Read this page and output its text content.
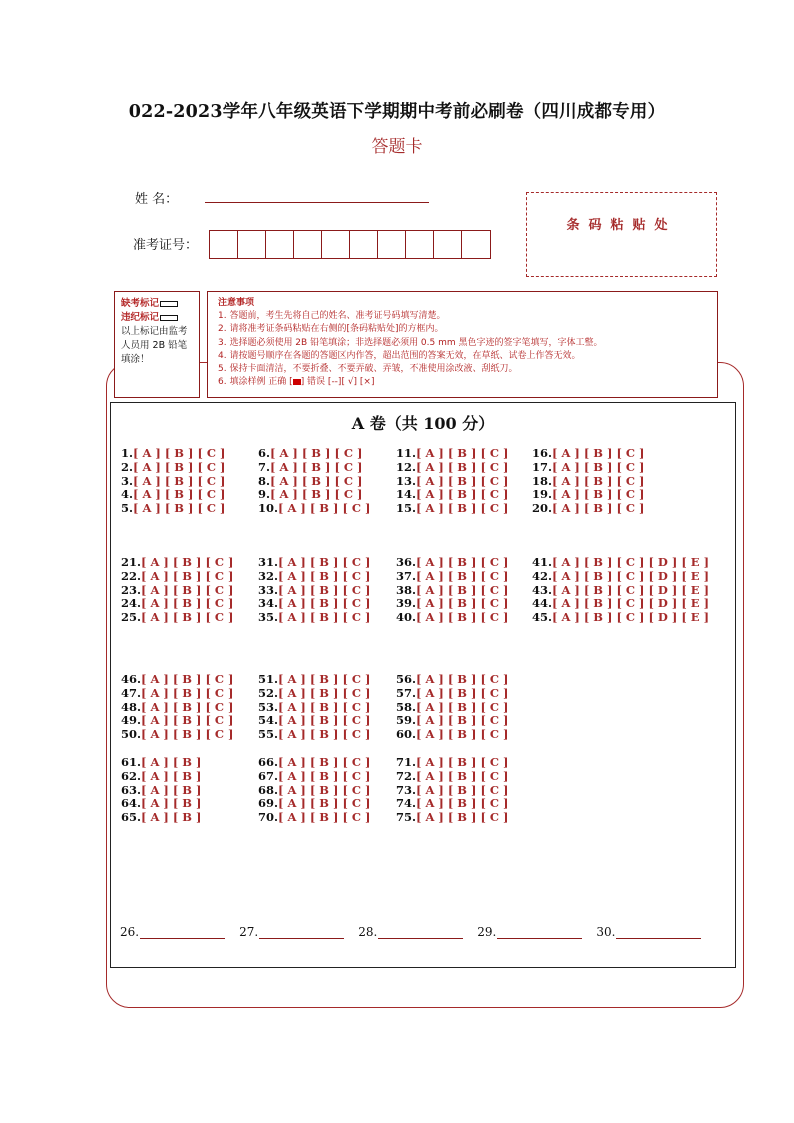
022-2023学年八年级英语下学期期中考前必刷卷（四川成都专用）
答题卡
姓 名：
准考证号：
条码粘贴处
缺考标记
违纪标记
以上标记由监考人员用 2B 铅笔填涂！
注意事项
1. 答题前，考生先将自己的姓名、准考证号码填写清楚。
2. 请将准考证条码粘贴在右侧的[条码粘贴处]的方框内。
3. 选择题必须使用 2B 铅笔填涂；非选择题必须用 0.5 mm 黑色字迹的签字笔填写，字体工整。
4. 请按题号顺序在各题的答题区内作答，超出范围的答案无效，在草纸、试卷上作答无效。
5. 保持卡面清洁，不要折叠、不要弄破、弄皱，不准使用涂改液、刮纸刀。
6. 填涂样例 正确 [ ] 错误 [--][ √] [×]
A 卷（共 100 分）
1.[ A ] [ B ] [ C ]
2.[ A ] [ B ] [ C ]
3.[ A ] [ B ] [ C ]
4.[ A ] [ B ] [ C ]
5.[ A ] [ B ] [ C ]
6.[ A ] [ B ] [ C ]
7.[ A ] [ B ] [ C ]
8.[ A ] [ B ] [ C ]
9.[ A ] [ B ] [ C ]
10.[ A ] [ B ] [ C ]
11.[ A ] [ B ] [ C ]
12.[ A ] [ B ] [ C ]
13.[ A ] [ B ] [ C ]
14.[ A ] [ B ] [ C ]
15.[ A ] [ B ] [ C ]
16.[ A ] [ B ] [ C ]
17.[ A ] [ B ] [ C ]
18.[ A ] [ B ] [ C ]
19.[ A ] [ B ] [ C ]
20.[ A ] [ B ] [ C ]
21.[ A ] [ B ] [ C ]
22.[ A ] [ B ] [ C ]
23.[ A ] [ B ] [ C ]
24.[ A ] [ B ] [ C ]
25.[ A ] [ B ] [ C ]
31.[ A ] [ B ] [ C ]
32.[ A ] [ B ] [ C ]
33.[ A ] [ B ] [ C ]
34.[ A ] [ B ] [ C ]
35.[ A ] [ B ] [ C ]
36.[ A ] [ B ] [ C ]
37.[ A ] [ B ] [ C ]
38.[ A ] [ B ] [ C ]
39.[ A ] [ B ] [ C ]
40.[ A ] [ B ] [ C ]
41.[ A ] [ B ] [ C ] [ D ] [ E ]
42.[ A ] [ B ] [ C ] [ D ] [ E ]
43.[ A ] [ B ] [ C ] [ D ] [ E ]
44.[ A ] [ B ] [ C ] [ D ] [ E ]
45.[ A ] [ B ] [ C ] [ D ] [ E ]
46.[ A ] [ B ] [ C ]
47.[ A ] [ B ] [ C ]
48.[ A ] [ B ] [ C ]
49.[ A ] [ B ] [ C ]
50.[ A ] [ B ] [ C ]
51.[ A ] [ B ] [ C ]
52.[ A ] [ B ] [ C ]
53.[ A ] [ B ] [ C ]
54.[ A ] [ B ] [ C ]
55.[ A ] [ B ] [ C ]
56.[ A ] [ B ] [ C ]
57.[ A ] [ B ] [ C ]
58.[ A ] [ B ] [ C ]
59.[ A ] [ B ] [ C ]
60.[ A ] [ B ] [ C ]
61.[ A ] [ B ]
62.[ A ] [ B ]
63.[ A ] [ B ]
64.[ A ] [ B ]
65.[ A ] [ B ]
66.[ A ] [ B ] [ C ]
67.[ A ] [ B ] [ C ]
68.[ A ] [ B ] [ C ]
69.[ A ] [ B ] [ C ]
70.[ A ] [ B ] [ C ]
71.[ A ] [ B ] [ C ]
72.[ A ] [ B ] [ C ]
73.[ A ] [ B ] [ C ]
74.[ A ] [ B ] [ C ]
75.[ A ] [ B ] [ C ]
26.	27.	28.	29.	30.
